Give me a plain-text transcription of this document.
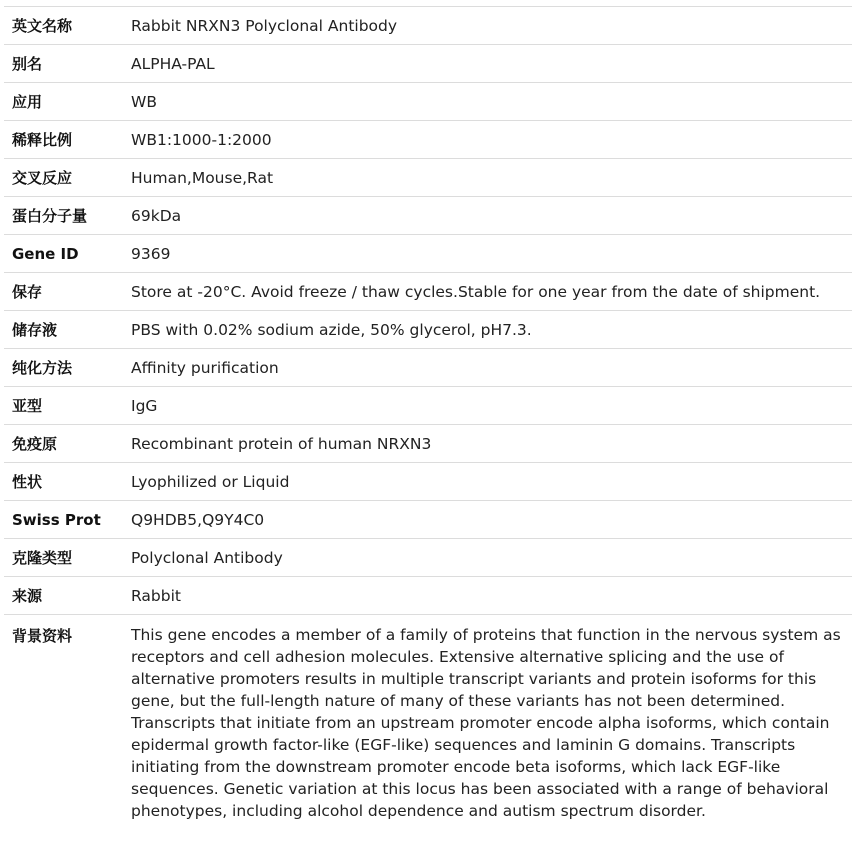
英文名称	Rabbit NRXN3 Polyclonal Antibody
别名	ALPHA-PAL
应用	WB
稀释比例	WB1:1000-1:2000
交叉反应	Human,Mouse,Rat
蛋白分子量	69kDa
Gene ID	9369
保存	Store at -20°C. Avoid freeze / thaw cycles.Stable for one year from the date of shipment.
储存液	PBS with 0.02% sodium azide, 50% glycerol, pH7.3.
纯化方法	Affinity purification
亚型	IgG
免疫原	Recombinant protein of human NRXN3
性状	Lyophilized or Liquid
Swiss Prot	Q9HDB5,Q9Y4C0
克隆类型	Polyclonal Antibody
来源	Rabbit
背景资料	This gene encodes a member of a family of proteins that function in the nervous system as receptors and cell adhesion molecules. Extensive alternative splicing and the use of alternative promoters results in multiple transcript variants and protein isoforms for this gene, but the full-length nature of many of these variants has not been determined. Transcripts that initiate from an upstream promoter encode alpha isoforms, which contain epidermal growth factor-like (EGF-like) sequences and laminin G domains. Transcripts initiating from the downstream promoter encode beta isoforms, which lack EGF-like sequences. Genetic variation at this locus has been associated with a range of behavioral phenotypes, including alcohol dependence and autism spectrum disorder.
